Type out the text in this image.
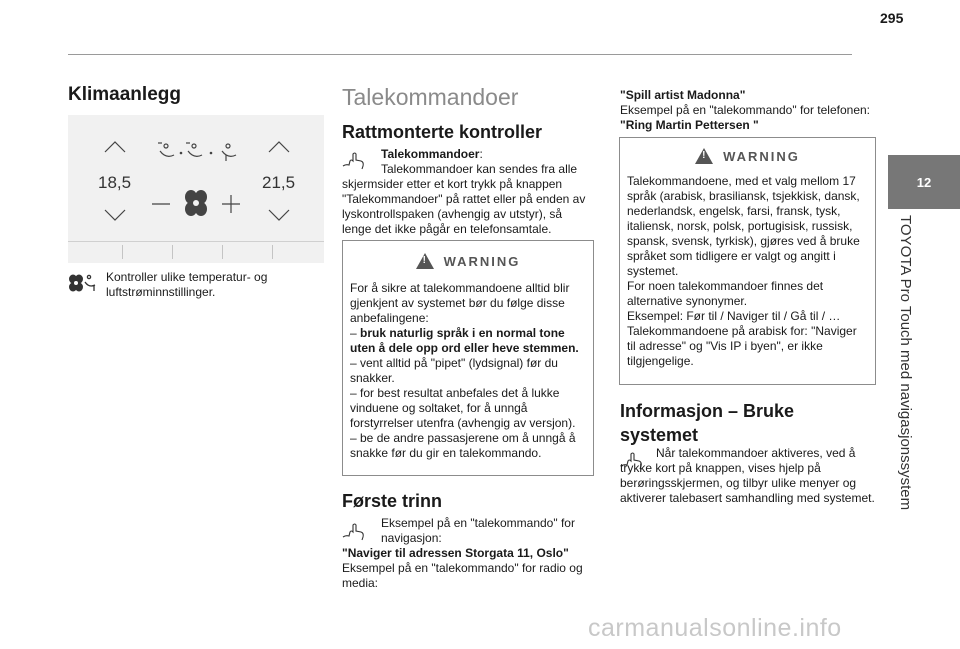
295
12
TOYOTA Pro Touch med navigasjonssystem
Klimaanlegg
18,5	21,5

Kontroller ulike temperatur- og luftstrøminnstillinger.

Talekommandoer
Rattmonterte kontroller
Talekommandoer:
Talekommandoer kan sendes fra alle skjermsider etter et kort trykk på knappen "Talekommandoer" på rattet eller på enden av lyskontrollspaken (avhengig av utstyr), så lenge det ikke pågår en telefonsamtale.
!
WARNING
For å sikre at talekommandoene alltid blir gjenkjent av systemet bør du følge disse anbefalingene:
– bruk naturlig språk i en normal tone uten å dele opp ord eller heve stemmen.
– vent alltid på "pipet" (lydsignal) før du snakker.
– for best resultat anbefales det å lukke vinduene og soltaket, for å unngå forstyrrelser utenfra (avhengig av versjon).
– be de andre passasjerene om å unngå å snakke før du gir en talekommando.
Første trinn
Eksempel på en "talekommando" for navigasjon:
"Naviger til adressen Storgata 11, Oslo"
Eksempel på en "talekommando" for radio og media:
"Spill artist Madonna"
Eksempel på en "talekommando" for telefonen:
"Ring Martin Pettersen "
!
WARNING
Talekommandoene, med et valg mellom 17 språk (arabisk, brasiliansk, tsjekkisk, dansk, nederlandsk, engelsk, farsi, fransk, tysk, italiensk, norsk, polsk, portugisisk, russisk, spansk, svensk, tyrkisk), gjøres ved å bruke språket som tidligere er valgt og angitt i systemet.
For noen talekommandoer finnes det alternative synonymer.
Eksempel: Før til / Naviger til / Gå til / …
Talekommandoene på arabisk for: "Naviger til adresse" og "Vis IP i byen", er ikke tilgjengelige.
Informasjon – Bruke systemet
Når talekommandoer aktiveres, ved å trykke kort på knappen, vises hjelp på berøringsskjermen, og tilbyr ulike menyer og aktiverer talebasert samhandling med systemet.
carmanualsonline.info
